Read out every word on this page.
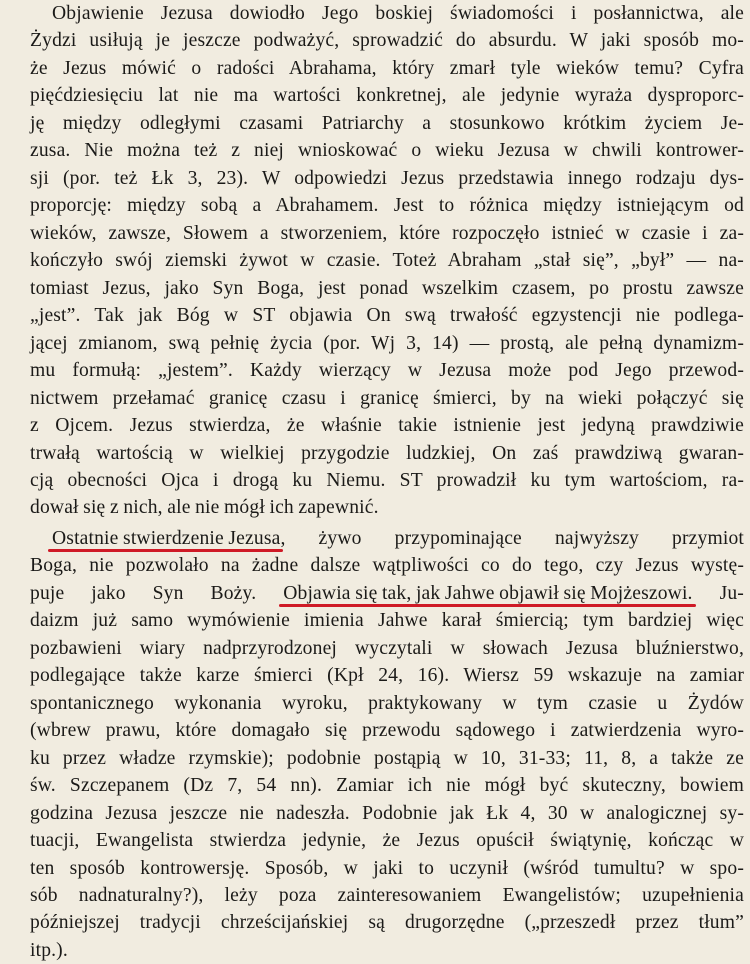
Objawienie Jezusa dowiodło Jego boskiej świadomości i posłannictwa, ale
Żydzi usiłują je jeszcze podważyć, sprowadzić do absurdu. W jaki sposób mo-
że Jezus mówić o radości Abrahama, który zmarł tyle wieków temu? Cyfra
pięćdziesięciu lat nie ma wartości konkretnej, ale jedynie wyraża dysproporc-
ję między odległymi czasami Patriarchy a stosunkowo krótkim życiem Je-
zusa. Nie można też z niej wnioskować o wieku Jezusa w chwili kontrower-
sji (por. też Łk 3, 23). W odpowiedzi Jezus przedstawia innego rodzaju dys-
proporcję: między sobą a Abrahamem. Jest to różnica między istniejącym od
wieków, zawsze, Słowem a stworzeniem, które rozpoczęło istnieć w czasie i za-
kończyło swój ziemski żywot w czasie. Toteż Abraham „stał się”, „był” — na-
tomiast Jezus, jako Syn Boga, jest ponad wszelkim czasem, po prostu zawsze
„jest”. Tak jak Bóg w ST objawia On swą trwałość egzystencji nie podlega-
jącej zmianom, swą pełnię życia (por. Wj 3, 14) — prostą, ale pełną dynamizm-
mu formułą: „jestem”. Każdy wierzący w Jezusa może pod Jego przewod-
nictwem przełamać granicę czasu i granicę śmierci, by na wieki połączyć się
z Ojcem. Jezus stwierdza, że właśnie takie istnienie jest jedyną prawdziwie
trwałą wartością w wielkiej przygodzie ludzkiej, On zaś prawdziwą gwaran-
cją obecności Ojca i drogą ku Niemu. ST prowadził ku tym wartościom, ra-
dował się z nich, ale nie mógł ich zapewnić.
Ostatnie stwierdzenie Jezusa, żywo przypominające najwyższy przymiot
Boga, nie pozwolało na żadne dalsze wątpliwości co do tego, czy Jezus wystę-
puje jako Syn Boży. Objawia się tak, jak Jahwe objawił się Mojżeszowi. Ju-
daizm już samo wymówienie imienia Jahwe karał śmiercią; tym bardziej więc
pozbawieni wiary nadprzyrodzonej wyczytali w słowach Jezusa bluźnierstwo,
podlegające także karze śmierci (Kpł 24, 16). Wiersz 59 wskazuje na zamiar
spontanicznego wykonania wyroku, praktykowany w tym czasie u Żydów
(wbrew prawu, które domagało się przewodu sądowego i zatwierdzenia wyro-
ku przez władze rzymskie); podobnie postąpią w 10, 31-33; 11, 8, a także ze
św. Szczepanem (Dz 7, 54 nn). Zamiar ich nie mógł być skuteczny, bowiem
godzina Jezusa jeszcze nie nadeszła. Podobnie jak Łk 4, 30 w analogicznej sy-
tuacji, Ewangelista stwierdza jedynie, że Jezus opuścił świątynię, kończąc w
ten sposób kontrowersję. Sposób, w jaki to uczynił (wśród tumultu? w spo-
sób nadnaturalny?), leży poza zainteresowaniem Ewangelistów; uzupełnienia
późniejszej tradycji chrześcijańskiej są drugorzędne („przeszedł przez tłum”
itp.).
